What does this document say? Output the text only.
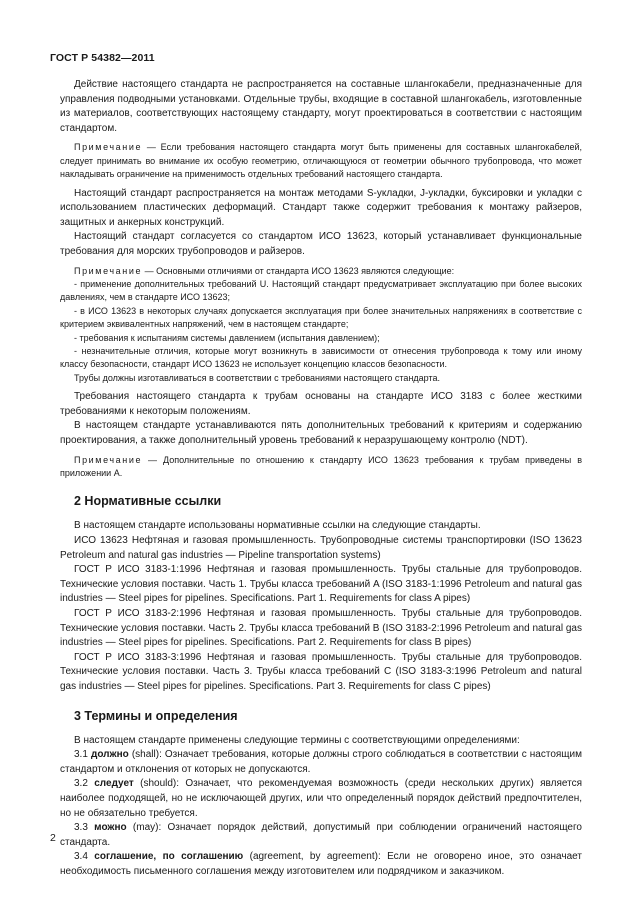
ГОСТ Р 54382—2011

Действие настоящего стандарта не распространяется на составные шлангокабели, предназначенные для управления подводными установками. Отдельные трубы, входящие в составной шлангокабель, изготовленные из материалов, соответствующих настоящему стандарту, могут проектироваться в соответствии с настоящим стандартом.

Примечание — Если требования настоящего стандарта могут быть применены для составных шлангокабелей, следует принимать во внимание их особую геометрию, отличающуюся от геометрии обычного трубопровода, что может накладывать ограничение на применимость отдельных требований настоящего стандарта.

Настоящий стандарт распространяется на монтаж методами S-укладки, J-укладки, буксировки и укладки с использованием пластических деформаций. Стандарт также содержит требования к монтажу райзеров, защитных и анкерных конструкций.

Настоящий стандарт согласуется со стандартом ИСО 13623, который устанавливает функциональные требования для морских трубопроводов и райзеров.

Примечание — Основными отличиями от стандарта ИСО 13623 являются следующие:

- применение дополнительных требований U. Настоящий стандарт предусматривает эксплуатацию при более высоких давлениях, чем в стандарте ИСО 13623;

- в ИСО 13623 в некоторых случаях допускается эксплуатация при более значительных напряжениях в соответствие с критерием эквивалентных напряжений, чем в настоящем стандарте;

- требования к испытаниям системы давлением (испытания давлением);

- незначительные отличия, которые могут возникнуть в зависимости от отнесения трубопровода к тому или иному классу безопасности, стандарт ИСО 13623 не использует концепцию классов безопасности.

Трубы должны изготавливаться в соответствии с требованиями настоящего стандарта.

Требования настоящего стандарта к трубам основаны на стандарте ИСО 3183 с более жесткими требованиями к некоторым положениям.

В настоящем стандарте устанавливаются пять дополнительных требований к критериям и содержанию проектирования, а также дополнительный уровень требований к неразрушающему контролю (NDT).

Примечание — Дополнительные по отношению к стандарту ИСО 13623 требования к трубам приведены в приложении А.

2 Нормативные ссылки

В настоящем стандарте использованы нормативные ссылки на следующие стандарты.

ИСО 13623 Нефтяная и газовая промышленность. Трубопроводные системы транспортировки (ISO 13623 Petroleum and natural gas industries — Pipeline transportation systems)

ГОСТ Р ИСО 3183-1:1996 Нефтяная и газовая промышленность. Трубы стальные для трубопроводов. Технические условия поставки. Часть 1. Трубы класса требований A (ISO 3183-1:1996 Petroleum and natural gas industries — Steel pipes for pipelines. Specifications. Part 1. Requirements for class A pipes)

ГОСТ Р ИСО 3183-2:1996 Нефтяная и газовая промышленность. Трубы стальные для трубопроводов. Технические условия поставки. Часть 2. Трубы класса требований B (ISO 3183-2:1996 Petroleum and natural gas industries — Steel pipes for pipelines. Specifications. Part 2. Requirements for class B pipes)

ГОСТ Р ИСО 3183-3:1996 Нефтяная и газовая промышленность. Трубы стальные для трубопроводов. Технические условия поставки. Часть 3. Трубы класса требований C (ISO 3183-3:1996 Petroleum and natural gas industries — Steel pipes for pipelines. Specifications. Part 3. Requirements for class C pipes)

3 Термины и определения

В настоящем стандарте применены следующие термины с соответствующими определениями:

3.1 должно (shall): Означает требования, которые должны строго соблюдаться в соответствии с настоящим стандартом и отклонения от которых не допускаются.

3.2 следует (should): Означает, что рекомендуемая возможность (среди нескольких других) является наиболее подходящей, но не исключающей других, или что определенный порядок действий предпочтителен, но не обязательно требуется.

3.3 можно (may): Означает порядок действий, допустимый при соблюдении ограничений настоящего стандарта.

3.4 соглашение, по соглашению (agreement, by agreement): Если не оговорено иное, это означает необходимость письменного соглашения между изготовителем или подрядчиком и заказчиком.

2
